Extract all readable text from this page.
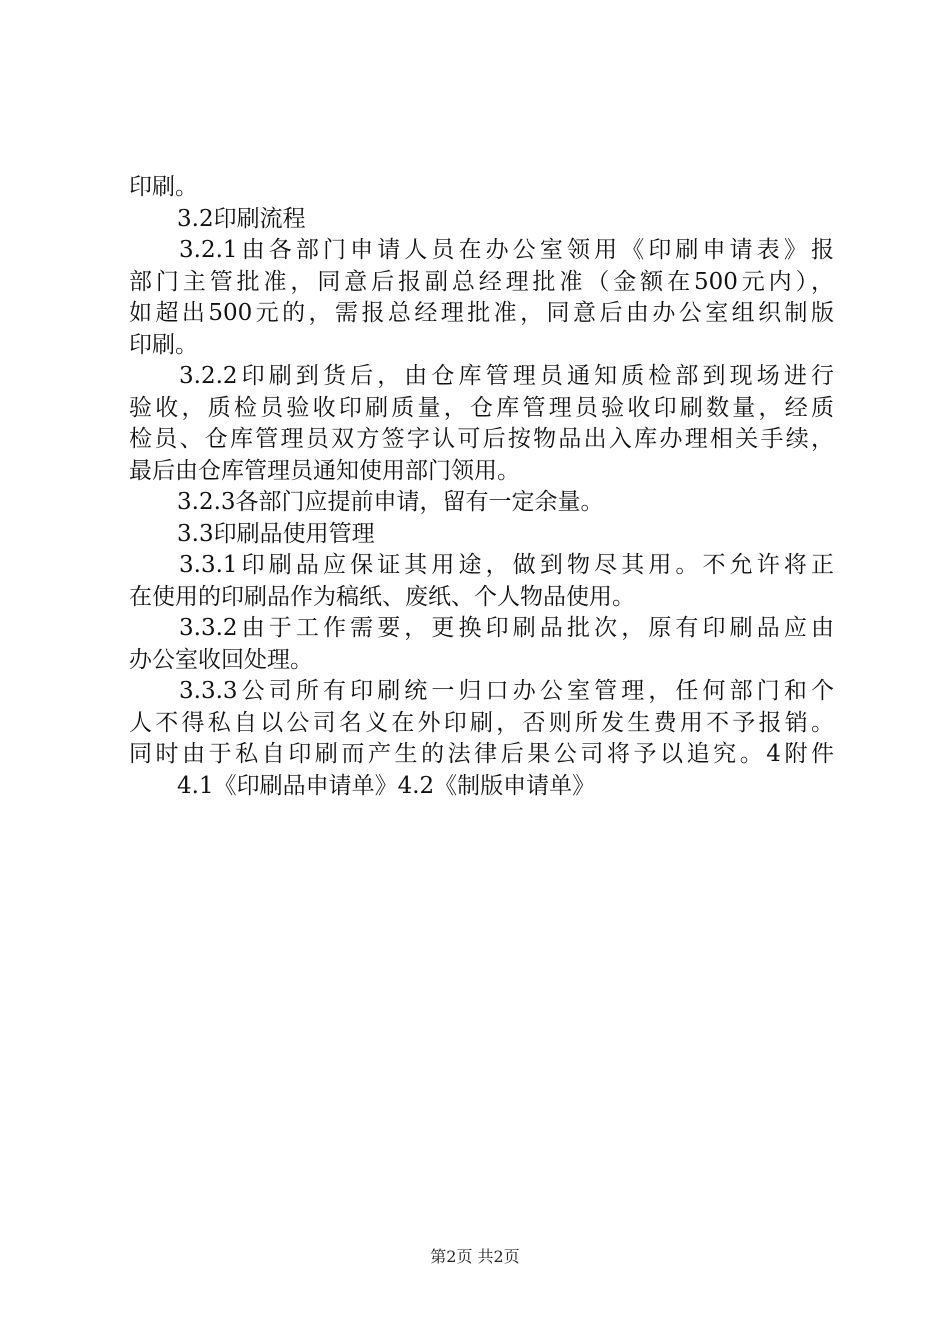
印刷。
3.2印刷流程
3.2.1由各部门申请人员在办公室领用《印刷申请表》报
部门主管批准，同意后报副总经理批准（金额在500元内），
如超出500元的，需报总经理批准，同意后由办公室组织制版
印刷。
3.2.2印刷到货后，由仓库管理员通知质检部到现场进行
验收，质检员验收印刷质量，仓库管理员验收印刷数量，经质
检员、仓库管理员双方签字认可后按物品出入库办理相关手续，
最后由仓库管理员通知使用部门领用。
3.2.3各部门应提前申请，留有一定余量。
3.3印刷品使用管理
3.3.1印刷品应保证其用途，做到物尽其用。不允许将正
在使用的印刷品作为稿纸、废纸、个人物品使用。
3.3.2由于工作需要，更换印刷品批次，原有印刷品应由
办公室收回处理。
3.3.3公司所有印刷统一归口办公室管理，任何部门和个
人不得私自以公司名义在外印刷，否则所发生费用不予报销。
同时由于私自印刷而产生的法律后果公司将予以追究。4附件
4.1《印刷品申请单》4.2《制版申请单》
第2页 共2页
